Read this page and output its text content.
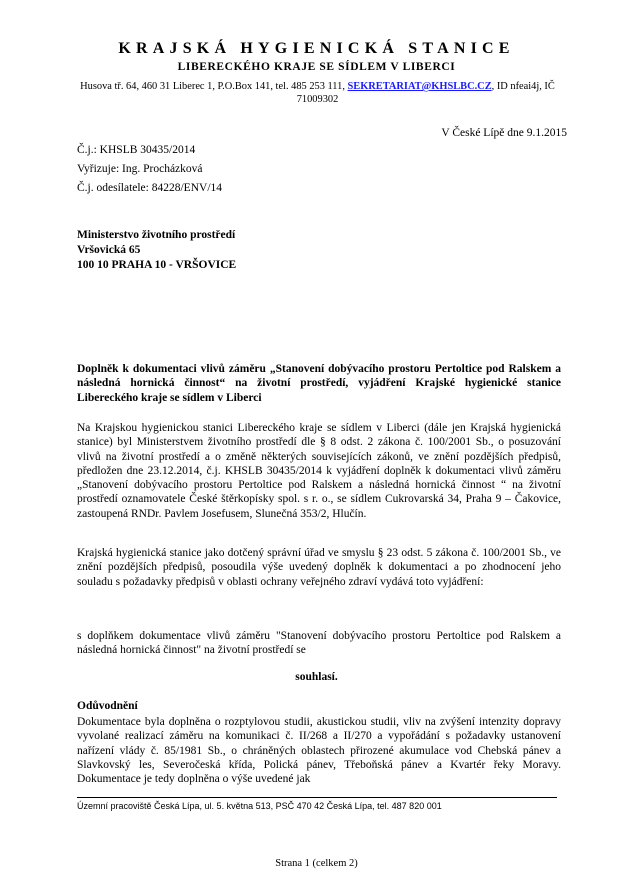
KRAJSKÁ HYGIENICKÁ STANICE
LIBERECKÉHO KRAJE SE SÍDLEM V LIBERCI
Husova tř. 64, 460 31 Liberec 1, P.O.Box 141, tel. 485 253 111, SEKRETARIAT@KHSLBC.CZ, ID nfeai4j, IČ 71009302
V České Lípě dne 9.1.2015
Č.j.: KHSLB 30435/2014
Vyřizuje: Ing. Procházková
Č.j. odesílatele: 84228/ENV/14
Ministerstvo životního prostředí
Vršovická 65
100 10 PRAHA 10 - VRŠOVICE
Doplněk k dokumentaci vlivů záměru „Stanovení dobývacího prostoru Pertoltice pod Ralskem a následná hornická činnost“ na životní prostředí, vyjádření Krajské hygienické stanice Libereckého kraje se sídlem v Liberci
Na Krajskou hygienickou stanici Libereckého kraje se sídlem v Liberci (dále jen Krajská hygienická stanice) byl Ministerstvem životního prostředí dle § 8 odst. 2 zákona č. 100/2001 Sb., o posuzování vlivů na životní prostředí a o změně některých souvisejících zákonů, ve znění pozdějších předpisů, předložen dne 23.12.2014, č.j. KHSLB 30435/2014 k vyjádření doplněk k dokumentaci vlivů záměru „Stanovení dobývacího prostoru Pertoltice pod Ralskem a následná hornická činnost “ na životní prostředí oznamovatele České štěrkopísky spol. s r. o., se sídlem Cukrovarská 34, Praha 9 – Čakovice, zastoupená RNDr. Pavlem Josefusem, Slunečná 353/2, Hlučín.
Krajská hygienická stanice jako dotčený správní úřad ve smyslu § 23 odst. 5 zákona č. 100/2001 Sb., ve znění pozdějších předpisů, posoudila výše uvedený doplněk k dokumentaci a po zhodnocení jeho souladu s požadavky předpisů v oblasti ochrany veřejného zdraví vydává toto vyjádření:
s doplňkem dokumentace vlivů záměru "Stanovení dobývacího prostoru Pertoltice pod Ralskem a následná hornická činnost" na životní prostředí se
souhlasí.
Odůvodnění
Dokumentace byla doplněna o rozptylovou studii, akustickou studii, vliv na zvýšení intenzity dopravy vyvolané realizací záměru na komunikaci č. II/268 a II/270 a vypořádání s požadavky ustanovení nařízení vlády č. 85/1981 Sb., o chráněných oblastech přirozené akumulace vod Chebská pánev a Slavkovský les, Severočeská křída, Polická pánev, Třeboňská pánev a Kvartér řeky Moravy. Dokumentace je tedy doplněna o výše uvedené jak
Územní pracoviště Česká Lípa, ul. 5. května 513, PSČ 470 42 Česká Lípa, tel. 487 820 001
Strana 1 (celkem 2)
